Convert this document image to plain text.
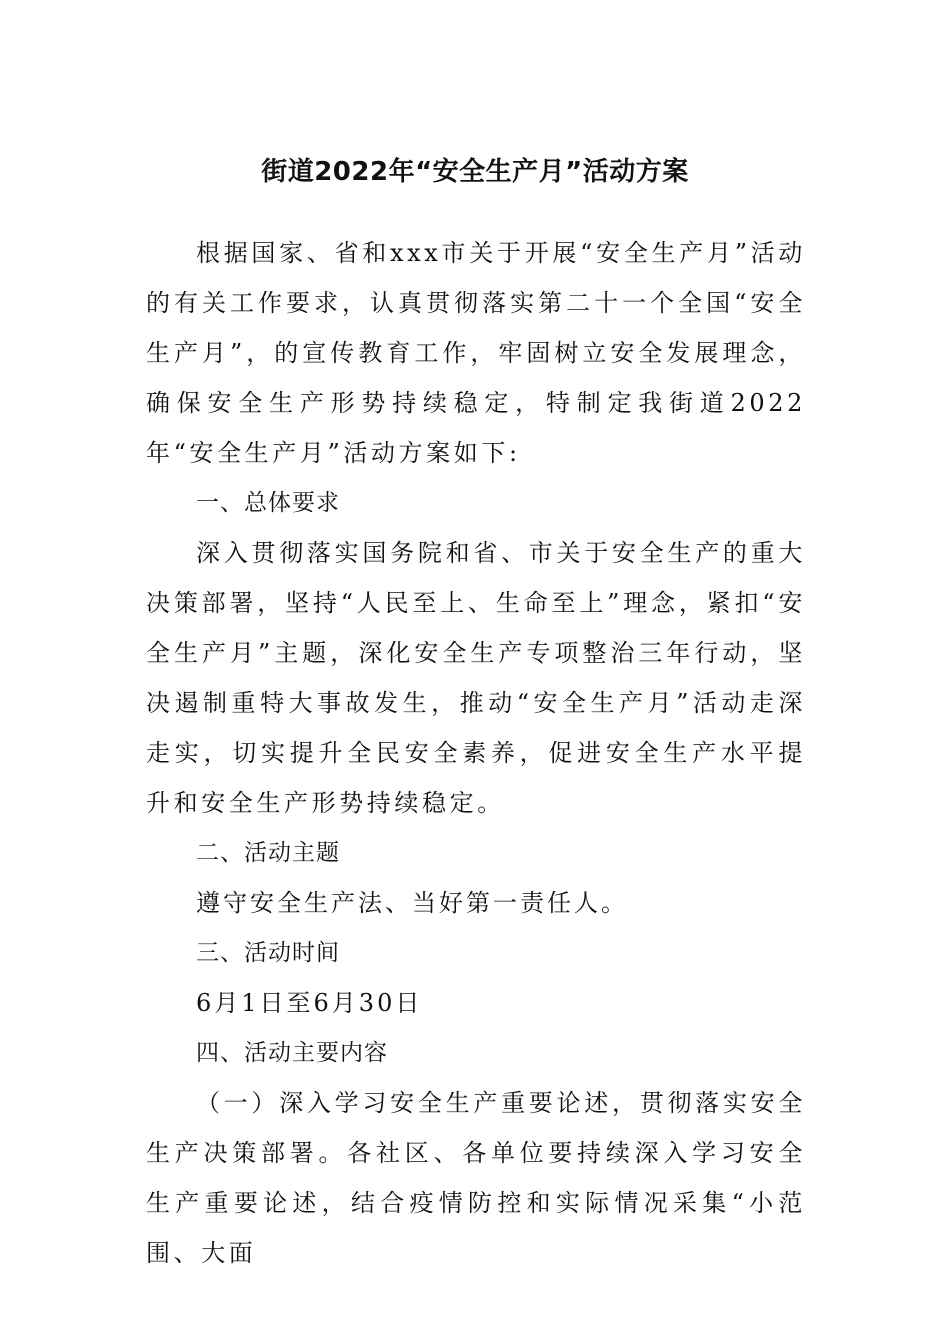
街道2022年“安全生产月”活动方案

根据国家、省和xxx市关于开展“安全生产月”活动的有关工作要求，认真贯彻落实第二十一个全国“安全生产月”，的宣传教育工作，牢固树立安全发展理念，确保安全生产形势持续稳定，特制定我街道2022年“安全生产月”活动方案如下:

一、总体要求

深入贯彻落实国务院和省、市关于安全生产的重大决策部署，坚持“人民至上、生命至上”理念，紧扣“安全生产月”主题，深化安全生产专项整治三年行动，坚决遏制重特大事故发生，推动“安全生产月”活动走深走实，切实提升全民安全素养，促进安全生产水平提升和安全生产形势持续稳定。

二、活动主题

遵守安全生产法、当好第一责任人。

三、活动时间

6月1日至6月30日

四、活动主要内容

（一）深入学习安全生产重要论述，贯彻落实安全生产决策部署。各社区、各单位要持续深入学习安全生产重要论述，结合疫情防控和实际情况采集“小范围、大面
